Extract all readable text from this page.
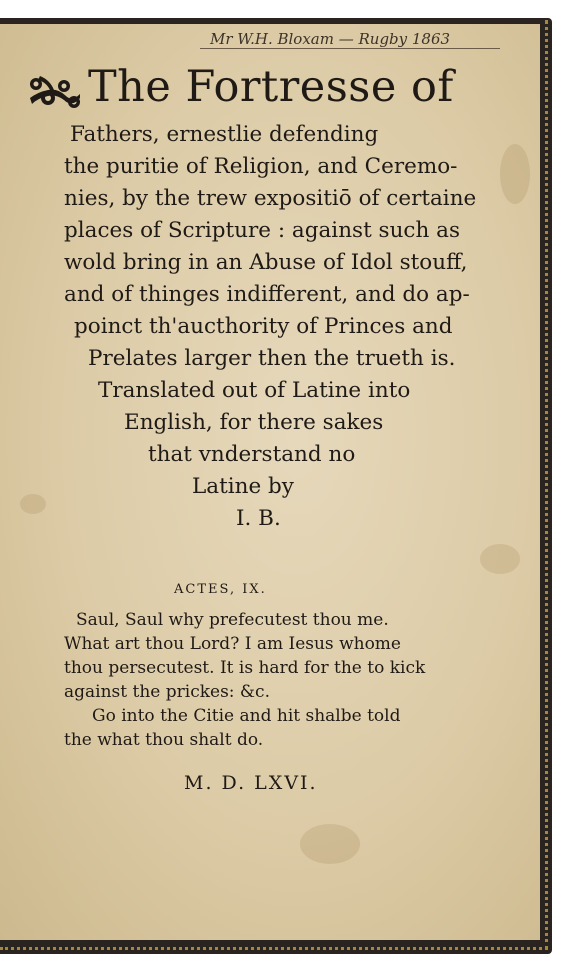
Mr W.H. Bloxam — Rugby 1863
The Fortresse of
Fathers, ernestlie defending
the puritie of Religion, and Ceremo-
nies, by the trew expositiō of certaine
places of Scripture : against such as
wold bring in an Abuse of Idol stouff,
and of thinges indifferent, and do ap-
poinct th'aucthority of Princes and
Prelates larger then the trueth is.
Translated out of Latine into
English, for there sakes
that vnderstand no
Latine by
I. B.
ACTES, IX.
Saul, Saul why prefecutest thou me.
What art thou Lord? I am Iesus whome
thou persecutest. It is hard for the to kick
against the prickes: &c.
Go into the Citie and hit shalbe told
the what thou shalt do.
M. D. LXVI.
